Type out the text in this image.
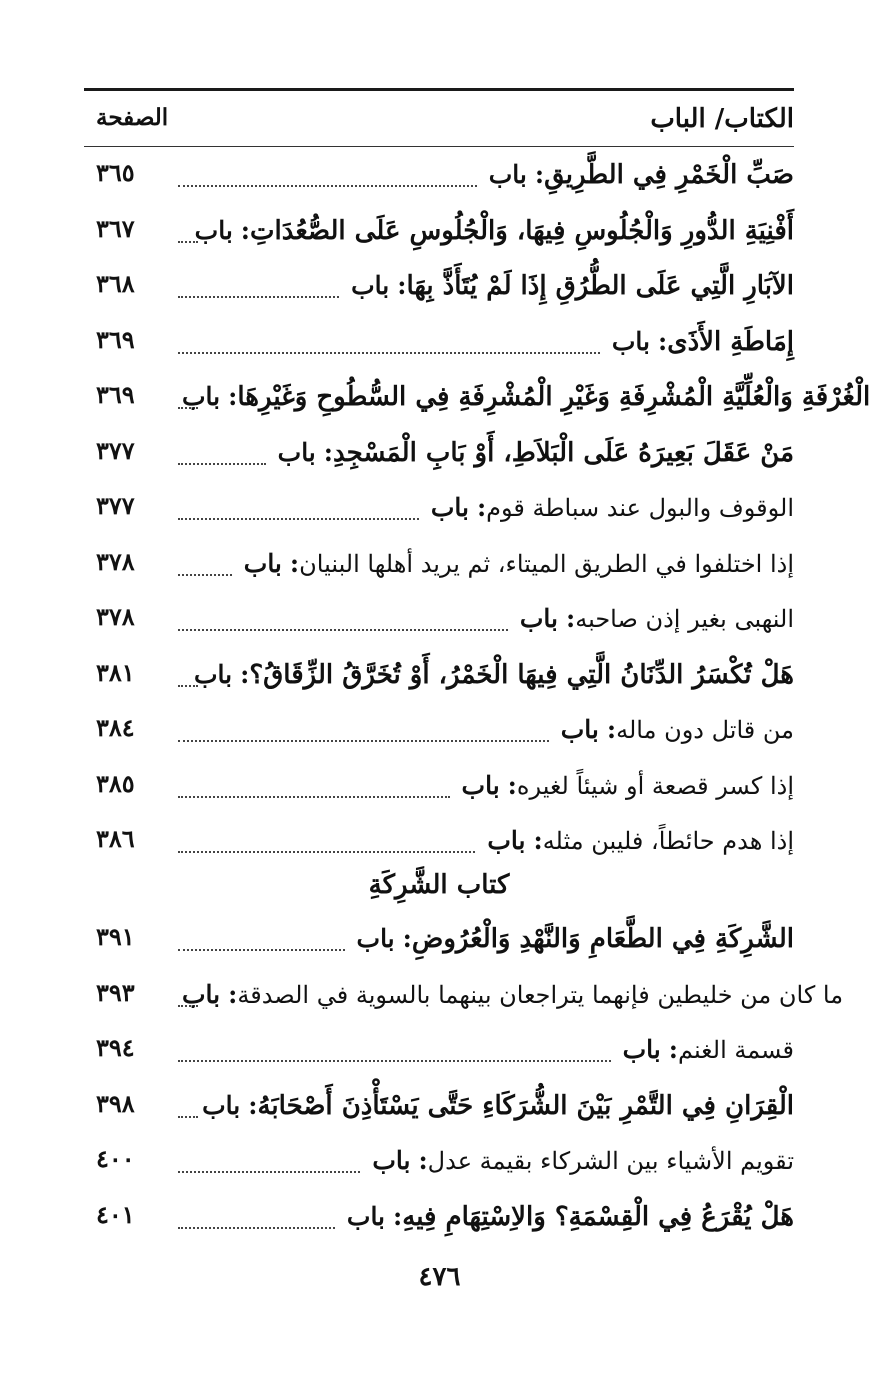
الكتاب/ الباب
الصفحة
باب : صَبِّ الْخَمْرِ فِي الطَّرِيقِ
٣٦٥
باب : أَفْنِيَةِ الدُّورِ وَالْجُلُوسِ فِيهَا، وَالْجُلُوسِ عَلَى الصُّعُدَاتِ
٣٦٧
باب : الآبَارِ الَّتِي عَلَى الطُّرُقِ إِذَا لَمْ يُتَأَذَّ بِهَا
٣٦٨
باب : إِمَاطَةِ الأَذَى
٣٦٩
باب : الْغُرْفَةِ وَالْعُلِّيَّةِ الْمُشْرِفَةِ وَغَيْرِ الْمُشْرِفَةِ فِي السُّطُوحِ وَغَيْرِهَا
٣٦٩
باب : مَنْ عَقَلَ بَعِيرَهُ عَلَى الْبَلاَطِ، أَوْ بَابِ الْمَسْجِدِ
٣٧٧
باب : الوقوف والبول عند سباطة قوم
٣٧٧
باب : إذا اختلفوا في الطريق الميتاء، ثم يريد أهلها البنيان
٣٧٨
باب : النهبى بغير إذن صاحبه
٣٧٨
باب : هَلْ تُكْسَرُ الدِّنَانُ الَّتِي فِيهَا الْخَمْرُ، أَوْ تُخَرَّقُ الزِّقَاقُ؟
٣٨١
باب : من قاتل دون ماله
٣٨٤
باب : إذا كسر قصعة أو شيئاً لغيره
٣٨٥
باب : إذا هدم حائطاً، فليبن مثله
٣٨٦
كتاب الشَّرِكَةِ
باب : الشَّرِكَةِ فِي الطَّعَامِ وَالنَّهْدِ وَالْعُرُوضِ
٣٩١
باب : ما كان من خليطين فإنهما يتراجعان بينهما بالسوية في الصدقة
٣٩٣
باب : قسمة الغنم
٣٩٤
باب : الْقِرَانِ فِي التَّمْرِ بَيْنَ الشُّرَكَاءِ حَتَّى يَسْتَأْذِنَ أَصْحَابَهُ
٣٩٨
باب : تقويم الأشياء بين الشركاء بقيمة عدل
٤٠٠
باب : هَلْ يُقْرَعُ فِي الْقِسْمَةِ؟ وَالاِسْتِهَامِ فِيهِ
٤٠١
٤٧٦
